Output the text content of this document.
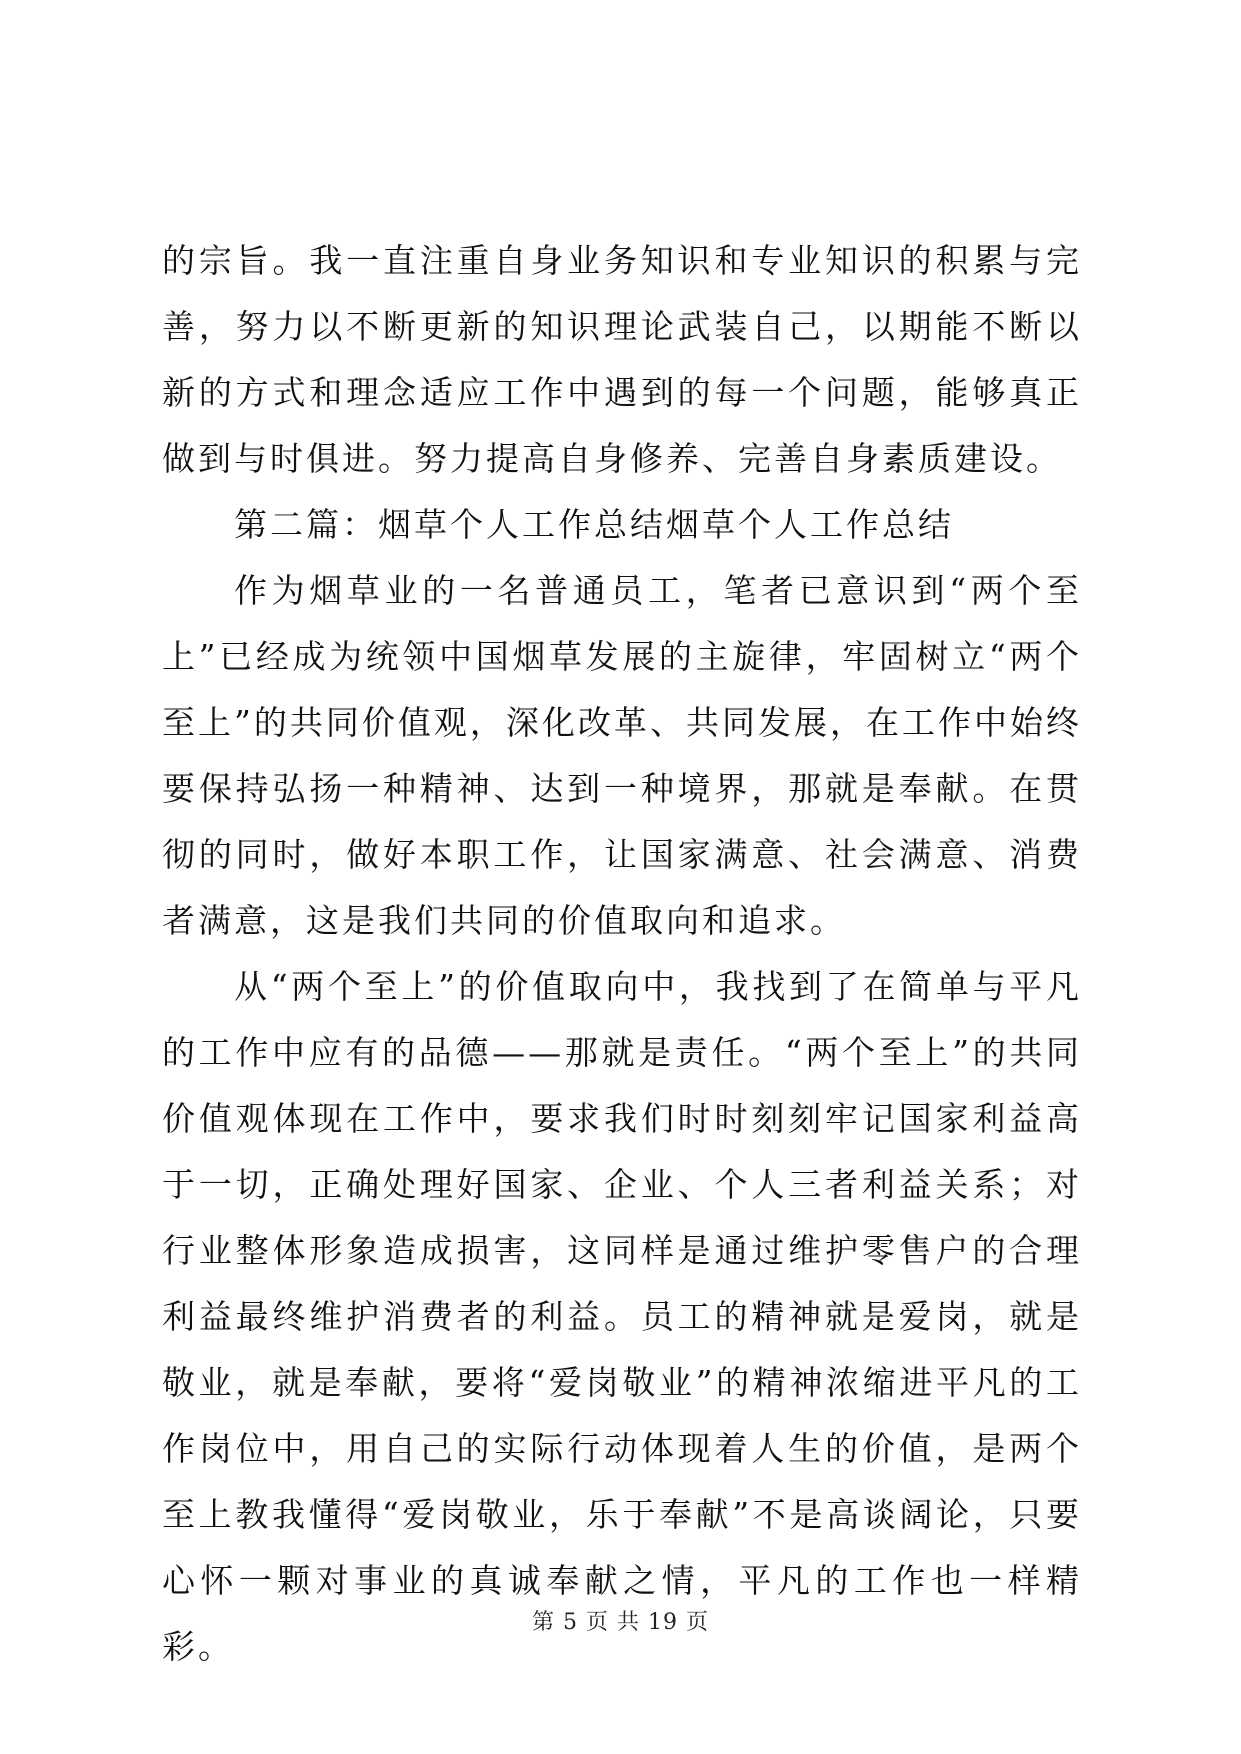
的宗旨。我一直注重自身业务知识和专业知识的积累与完善，努力以不断更新的知识理论武装自己，以期能不断以新的方式和理念适应工作中遇到的每一个问题，能够真正做到与时俱进。努力提高自身修养、完善自身素质建设。

第二篇：烟草个人工作总结烟草个人工作总结

作为烟草业的一名普通员工，笔者已意识到“两个至上”已经成为统领中国烟草发展的主旋律，牢固树立“两个至上”的共同价值观，深化改革、共同发展，在工作中始终要保持弘扬一种精神、达到一种境界，那就是奉献。在贯彻的同时，做好本职工作，让国家满意、社会满意、消费者满意，这是我们共同的价值取向和追求。

从“两个至上”的价值取向中，我找到了在简单与平凡的工作中应有的品德——那就是责任。“两个至上”的共同价值观体现在工作中，要求我们时时刻刻牢记国家利益高于一切，正确处理好国家、企业、个人三者利益关系；对行业整体形象造成损害，这同样是通过维护零售户的合理利益最终维护消费者的利益。员工的精神就是爱岗，就是敬业，就是奉献，要将“爱岗敬业”的精神浓缩进平凡的工作岗位中，用自己的实际行动体现着人生的价值，是两个至上教我懂得“爱岗敬业，乐于奉献”不是高谈阔论，只要心怀一颗对事业的真诚奉献之情，平凡的工作也一样精彩。

第 5 页 共 19 页
